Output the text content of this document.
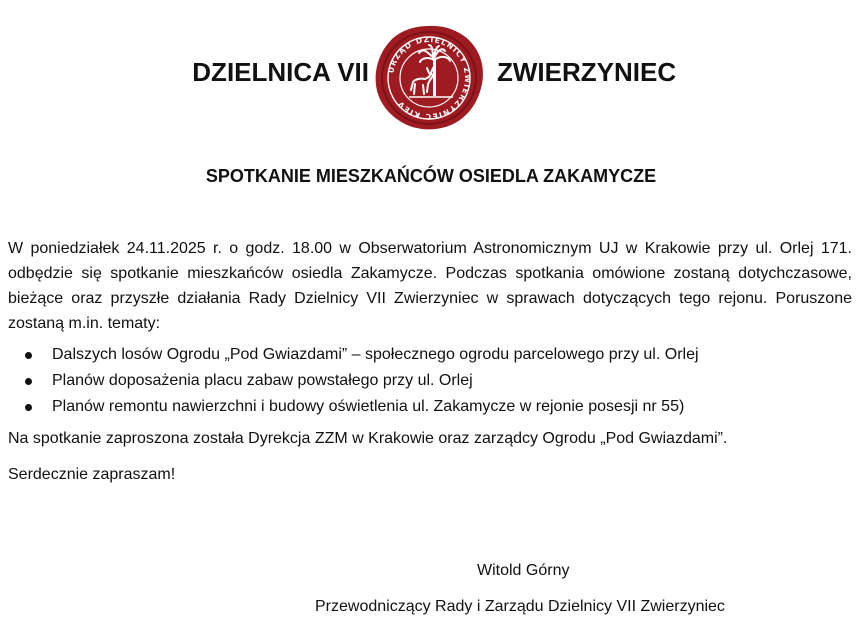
DZIELNICA VII URZĄD DZIELNICY ZWIERZYNIEC KIEV
ZWIERZYNIEC
SPOTKANIE MIESZKAŃCÓW OSIEDLA ZAKAMYCZE

W poniedziałek 24.11.2025 r. o godz. 18.00 w Obserwatorium Astronomicznym UJ w Krakowie przy ul. Orlej 171. odbędzie się spotkanie mieszkańców osiedla Zakamycze. Podczas spotkania omówione zostaną dotychczasowe, bieżące oraz przyszłe działania Rady Dzielnicy VII Zwierzyniec w sprawach dotyczących tego rejonu. Poruszone zostaną m.in. tematy:

Dalszych losów Ogrodu „Pod Gwiazdami” – społecznego ogrodu parcelowego przy ul. Orlej
Planów doposażenia placu zabaw powstałego przy ul. Orlej
Planów remontu nawierzchni i budowy oświetlenia ul. Zakamycze w rejonie posesji nr 55)

Na spotkanie zaproszona została Dyrekcja ZZM w Krakowie oraz zarządcy Ogrodu „Pod Gwiazdami”.

Serdecznie zapraszam!

Witold Górny
Przewodniczący Rady i Zarządu Dzielnicy VII Zwierzyniec
